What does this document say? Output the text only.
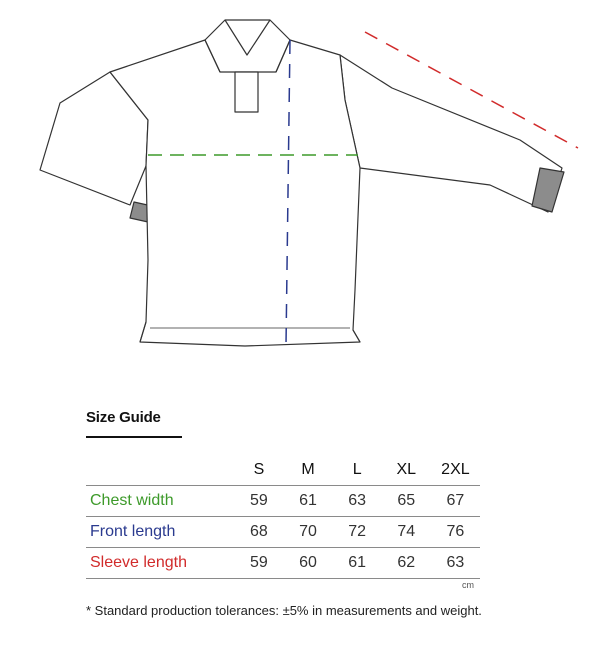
Size Guide
	S	M	L	XL	2XL
Chest width	59	61	63	65	67
Front length	68	70	72	74	76
Sleeve length	59	60	61	62	63
cm
* Standard production tolerances: ±5% in measurements and weight.
